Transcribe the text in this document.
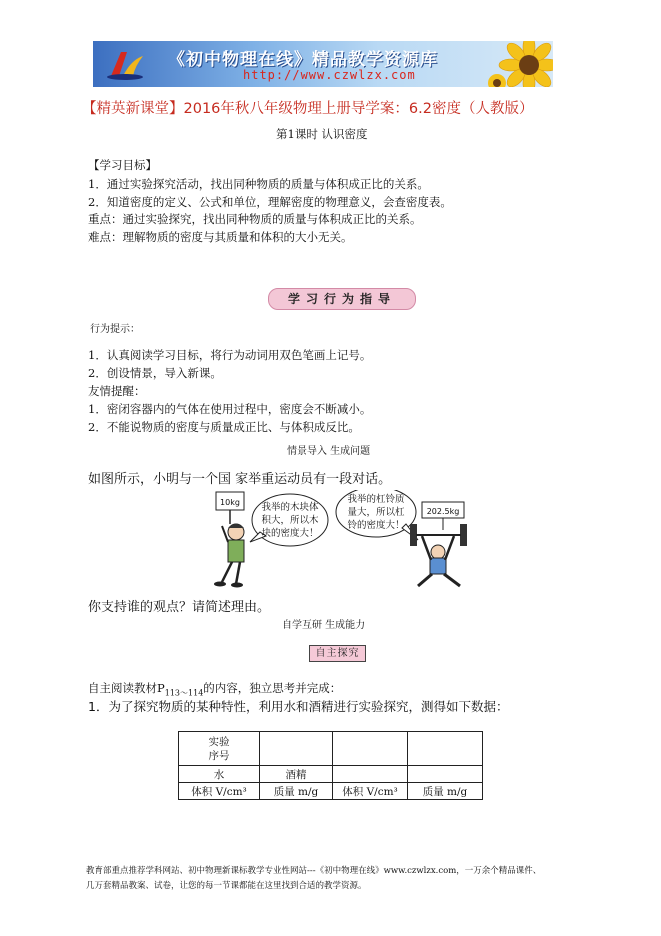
《初中物理在线》精品教学资源库
http://www.czwlzx.com
【精英新课堂】2016年秋八年级物理上册导学案：6.2密度（人教版）
第1课时 认识密度
【学习目标】
1．通过实验探究活动，找出同种物质的质量与体积成正比的关系。
2．知道密度的定义、公式和单位，理解密度的物理意义，会查密度表。
重点：通过实验探究，找出同种物质的质量与体积成正比的关系。
难点：理解物质的密度与其质量和体积的大小无关。
学习行为指导
行为提示：
1．认真阅读学习目标，将行为动词用双色笔画上记号。
2．创设情景，导入新课。
友情提醒：
1．密闭容器内的气体在使用过程中，密度会不断减小。
2．不能说物质的密度与质量成正比、与体积成反比。
情景导入 生成问题
如图所示，小明与一个国 家举重运动员有一段对话。
10kg 我举的木块体
积大，所以木
块的密度大！
我举的杠铃质
量大，所以杠
铃的密度大！
202.5kg
你支持谁的观点？请简述理由。
自学互研 生成能力
自主探究
自主阅读教材$P_{113\sim 114}$的内容，独立思考并完成：
1．为了探究物质的某种特性，利用水和酒精进行实验探究，测得如下数据：
实验
序号			
水	酒精		
体积 V/cm³	质量 m/g	体积 V/cm³	质量 m/g
教育部重点推荐学科网站、初中物理新课标教学专业性网站---《初中物理在线》www.czwlzx.com，一万余个精品课件、
几万套精品教案、试卷，让您的每一节课都能在这里找到合适的教学资源。
